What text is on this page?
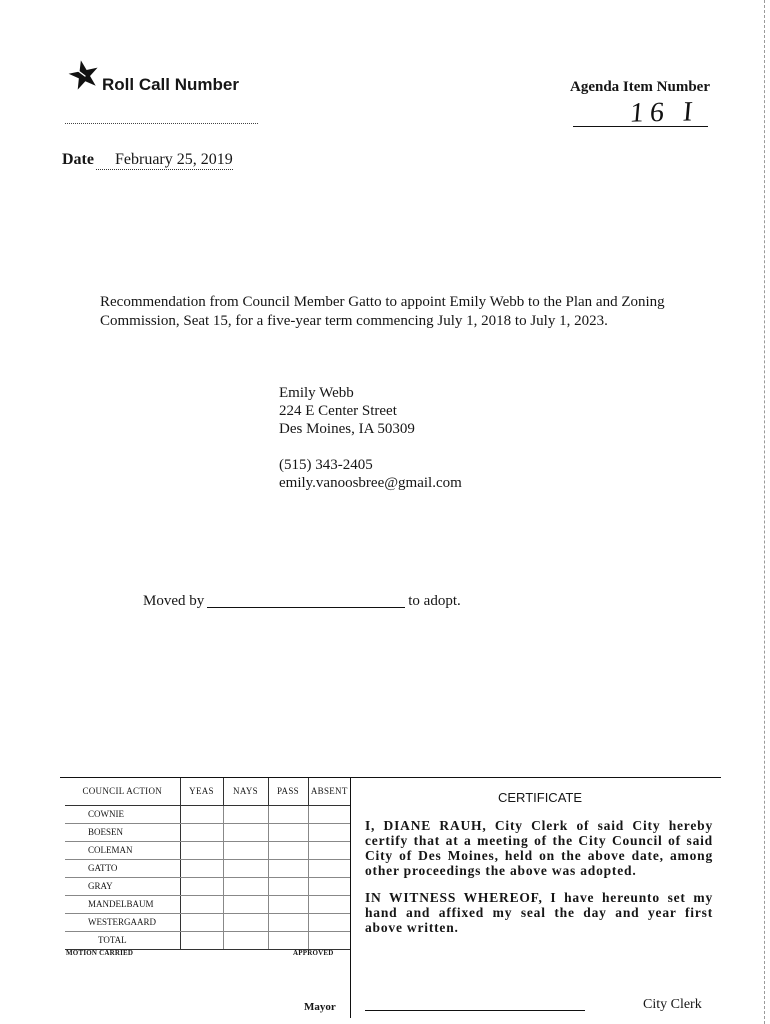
Roll Call Number	Agenda Item Number
16 I
Date	February 25, 2019

Recommendation from Council Member Gatto to appoint Emily Webb to the Plan and Zoning Commission, Seat 15, for a five-year term commencing July 1, 2018 to July 1, 2023.

Emily Webb
224 E Center Street
Des Moines, IA 50309
(515) 343-2405
emily.vanoosbree@gmail.com
Moved by	to adopt.
COUNCIL ACTION	YEAS	NAYS	PASS	ABSENT
COWNIE				
BOESEN				
COLEMAN				
GATTO				
GRAY				
MANDELBAUM				
WESTERGAARD				
TOTAL				
MOTION CARRIED	APPROVED
Mayor
CERTIFICATE
I, DIANE RAUH, City Clerk of said City hereby
certify that at a meeting of the City Council of said
City of Des Moines, held on the above date, among
other proceedings the above was adopted.
IN WITNESS WHEREOF, I have hereunto set my
hand and affixed my seal the day and year first
above written.
City Clerk
